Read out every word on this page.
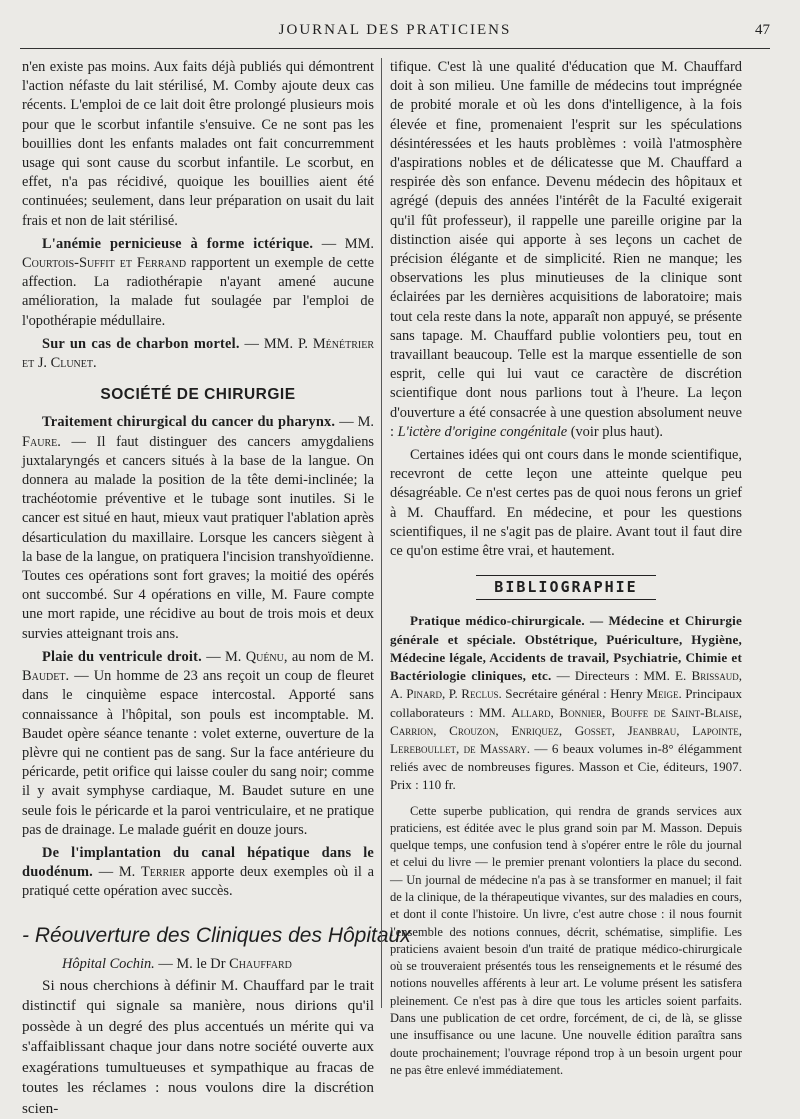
JOURNAL DES PRATICIENS	47

n'en existe pas moins. Aux faits déjà publiés qui démontrent l'action néfaste du lait stérilisé, M. Comby ajoute deux cas récents. L'emploi de ce lait doit être prolongé plusieurs mois pour que le scorbut infantile s'ensuive. Ce ne sont pas les bouillies dont les enfants malades ont fait concurremment usage qui sont cause du scorbut infantile. Le scorbut, en effet, n'a pas récidivé, quoique les bouillies aient été continuées; seulement, dans leur préparation on usait du lait frais et non de lait stérilisé.

L'anémie pernicieuse à forme ictérique. — MM. Courtois-Suffit et Ferrand rapportent un exemple de cette affection. La radiothérapie n'ayant amené aucune amélioration, la malade fut soulagée par l'emploi de l'opothérapie médullaire.

Sur un cas de charbon mortel. — MM. P. Ménétrier et J. Clunet.

SOCIÉTÉ DE CHIRURGIE

Traitement chirurgical du cancer du pharynx. — M. Faure. — Il faut distinguer des cancers amygdaliens juxtalaryngés et cancers situés à la base de la langue. On donnera au malade la position de la tête demi-inclinée; la trachéotomie préventive et le tubage sont inutiles. Si le cancer est situé en haut, mieux vaut pratiquer l'ablation après désarticulation du maxillaire. Lorsque les cancers siègent à la base de la langue, on pratiquera l'incision transhyoïdienne. Toutes ces opérations sont fort graves; la moitié des opérés ont succombé. Sur 4 opérations en ville, M. Faure compte une mort rapide, une récidive au bout de trois mois et deux survies atteignant trois ans.

Plaie du ventricule droit. — M. Quénu, au nom de M. Baudet. — Un homme de 23 ans reçoit un coup de fleuret dans le cinquième espace intercostal. Apporté sans connaissance à l'hôpital, son pouls est incomptable. M. Baudet opère séance tenante : volet externe, ouverture de la plèvre qui ne contient pas de sang. Sur la face antérieure du péricarde, petit orifice qui laisse couler du sang noir; comme il y avait symphyse cardiaque, M. Baudet suture en une seule fois le péricarde et la paroi ventriculaire, et ne pratique pas de drainage. Le malade guérit en douze jours.

De l'implantation du canal hépatique dans le duodénum. — M. Terrier apporte deux exemples où il a pratiqué cette opération avec succès.

- Réouverture des Cliniques des Hôpitaux

Hôpital Cochin. — M. le Dr Chauffard

Si nous cherchions à définir M. Chauffard par le trait distinctif qui signale sa manière, nous dirions qu'il possède à un degré des plus accentués un mérite qui va s'affaiblissant chaque jour dans notre société ouverte aux exagérations tumultueuses et sympathique au fracas de toutes les réclames : nous voulons dire la discrétion scien-

tifique. C'est là une qualité d'éducation que M. Chauffard doit à son milieu. Une famille de médecins tout imprégnée de probité morale et où les dons d'intelligence, à la fois élevée et fine, promenaient l'esprit sur les spéculations désintéressées et les hauts problèmes : voilà l'atmosphère d'aspirations nobles et de délicatesse que M. Chauffard a respirée dès son enfance. Devenu médecin des hôpitaux et agrégé (depuis des années l'intérêt de la Faculté exigerait qu'il fût professeur), il rappelle une pareille origine par la distinction aisée qui apporte à ses leçons un cachet de précision élégante et de simplicité. Rien ne manque; les observations les plus minutieuses de la clinique sont éclairées par les dernières acquisitions de laboratoire; mais tout cela reste dans la note, apparaît non appuyé, se présente sans tapage. M. Chauffard publie volontiers peu, tout en travaillant beaucoup. Telle est la marque essentielle de son esprit, celle qui lui vaut ce caractère de discrétion scientifique dont nous parlions tout à l'heure. La leçon d'ouverture a été consacrée à une question absolument neuve : L'ictère d'origine congénitale (voir plus haut).

Certaines idées qui ont cours dans le monde scientifique, recevront de cette leçon une atteinte quelque peu désagréable. Ce n'est certes pas de quoi nous ferons un grief à M. Chauffard. En médecine, et pour les questions scientifiques, il ne s'agit pas de plaire. Avant tout il faut dire ce qu'on estime être vrai, et hautement.

BIBLIOGRAPHIE

Pratique médico-chirurgicale. — Médecine et Chirurgie générale et spéciale. Obstétrique, Puériculture, Hygiène, Médecine légale, Accidents de travail, Psychiatrie, Chimie et Bactériologie cliniques, etc. — Directeurs : MM. E. Brissaud, A. Pinard, P. Reclus. Secrétaire général : Henry Meige. Principaux collaborateurs : MM. Allard, Bonnier, Bouffe de Saint-Blaise, Carrion, Crouzon, Enriquez, Gosset, Jeanbrau, Lapointe, Lereboullet, de Massary. — 6 beaux volumes in-8° élégamment reliés avec de nombreuses figures. Masson et Cie, éditeurs, 1907. Prix : 110 fr.

Cette superbe publication, qui rendra de grands services aux praticiens, est éditée avec le plus grand soin par M. Masson. Depuis quelque temps, une confusion tend à s'opérer entre le rôle du journal et celui du livre — le premier prenant volontiers la place du second. — Un journal de médecine n'a pas à se transformer en manuel; il fait de la clinique, de la thérapeutique vivantes, sur des maladies en cours, et dont il conte l'histoire. Un livre, c'est autre chose : il nous fournit l'ensemble des notions connues, décrit, schématise, simplifie. Les praticiens avaient besoin d'un traité de pratique médico-chirurgicale où se trouveraient présentés tous les renseignements et le résumé des notions nouvelles afférents à leur art. Le volume présent les satisfera pleinement. Ce n'est pas à dire que tous les articles soient parfaits. Dans une publication de cet ordre, forcément, de ci, de là, se glisse une insuffisance ou une lacune. Une nouvelle édition paraîtra sans doute prochainement; l'ouvrage répond trop à un besoin urgent pour ne pas être enlevé immédiatement.
